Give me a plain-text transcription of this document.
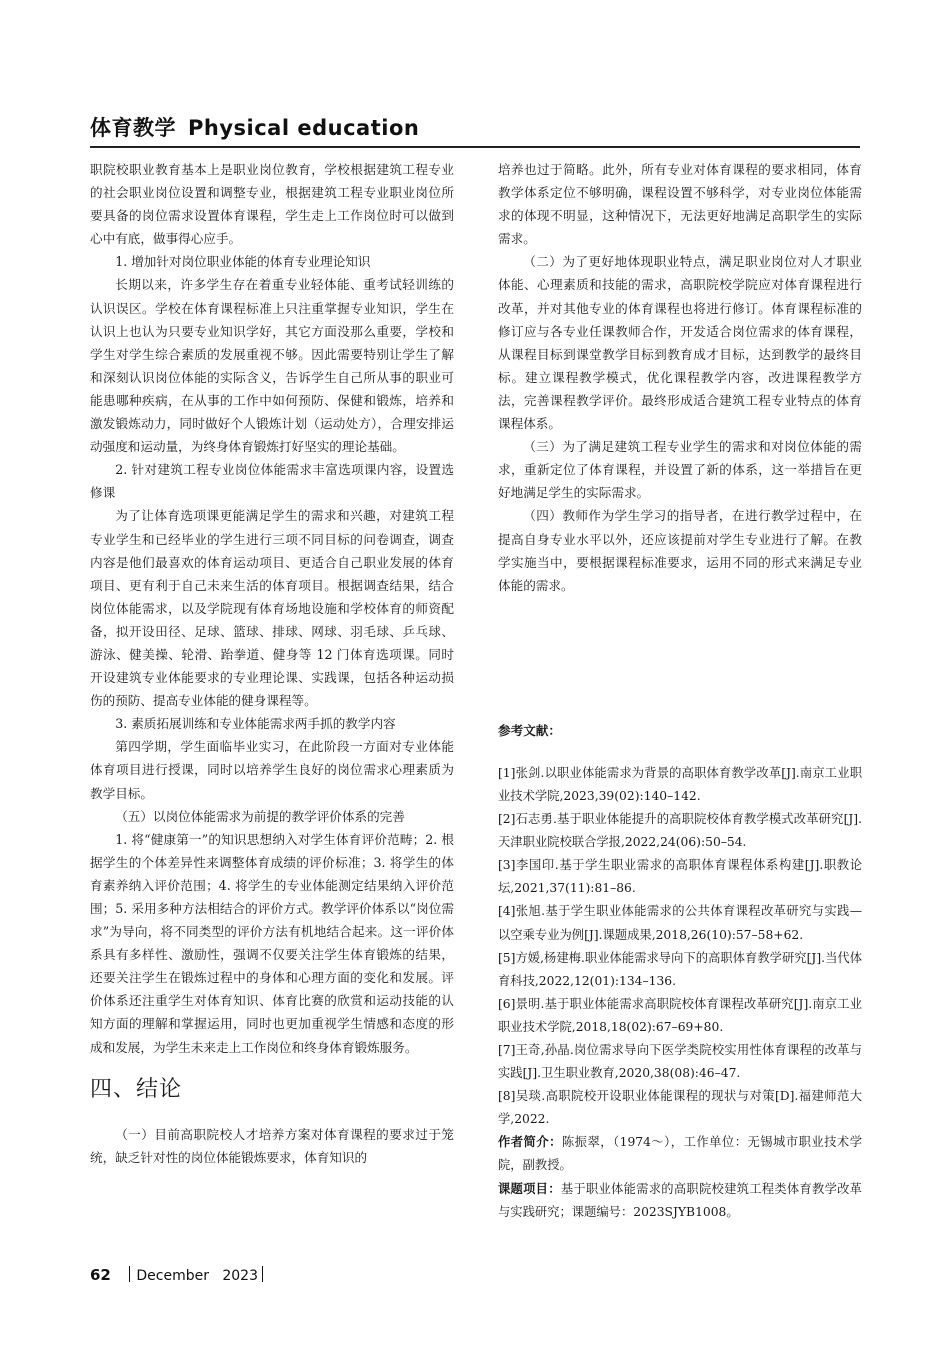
体育教学 Physical education

职院校职业教育基本上是职业岗位教育，学校根据建筑工程专业的社会职业岗位设置和调整专业，根据建筑工程专业职业岗位所要具备的岗位需求设置体育课程，学生走上工作岗位时可以做到心中有底，做事得心应手。

1. 增加针对岗位职业体能的体育专业理论知识

长期以来，许多学生存在着重专业轻体能、重考试轻训练的认识误区。学校在体育课程标准上只注重掌握专业知识，学生在认识上也认为只要专业知识学好，其它方面没那么重要，学校和学生对学生综合素质的发展重视不够。因此需要特别让学生了解和深刻认识岗位体能的实际含义，告诉学生自己所从事的职业可能患哪种疾病，在从事的工作中如何预防、保健和锻炼，培养和激发锻炼动力，同时做好个人锻炼计划（运动处方），合理安排运动强度和运动量，为终身体育锻炼打好坚实的理论基础。

2. 针对建筑工程专业岗位体能需求丰富选项课内容，设置选修课

为了让体育选项课更能满足学生的需求和兴趣，对建筑工程专业学生和已经毕业的学生进行三项不同目标的问卷调查，调查内容是他们最喜欢的体育运动项目、更适合自己职业发展的体育项目、更有利于自己未来生活的体育项目。根据调查结果，结合岗位体能需求，以及学院现有体育场地设施和学校体育的师资配备，拟开设田径、足球、篮球、排球、网球、羽毛球、乒乓球、游泳、健美操、轮滑、跆拳道、健身等 12 门体育选项课。同时开设建筑专业体能要求的专业理论课、实践课，包括各种运动损伤的预防、提高专业体能的健身课程等。

3. 素质拓展训练和专业体能需求两手抓的教学内容

第四学期，学生面临毕业实习，在此阶段一方面对专业体能体育项目进行授课，同时以培养学生良好的岗位需求心理素质为教学目标。

（五）以岗位体能需求为前提的教学评价体系的完善

1. 将“健康第一”的知识思想纳入对学生体育评价范畴；2. 根据学生的个体差异性来调整体育成绩的评价标准；3. 将学生的体育素养纳入评价范围；4. 将学生的专业体能测定结果纳入评价范围；5. 采用多种方法相结合的评价方式。教学评价体系以“岗位需求”为导向，将不同类型的评价方法有机地结合起来。这一评价体系具有多样性、激励性，强调不仅要关注学生体育锻炼的结果，还要关注学生在锻炼过程中的身体和心理方面的变化和发展。评价体系还注重学生对体育知识、体育比赛的欣赏和运动技能的认知方面的理解和掌握运用，同时也更加重视学生情感和态度的形成和发展，为学生未来走上工作岗位和终身体育锻炼服务。

四、结论

（一）目前高职院校人才培养方案对体育课程的要求过于笼统，缺乏针对性的岗位体能锻炼要求，体育知识的

培养也过于简略。此外，所有专业对体育课程的要求相同，体育教学体系定位不够明确，课程设置不够科学，对专业岗位体能需求的体现不明显，这种情况下，无法更好地满足高职学生的实际需求。

（二）为了更好地体现职业特点，满足职业岗位对人才职业体能、心理素质和技能的需求，高职院校学院应对体育课程进行改革，并对其他专业的体育课程也将进行修订。体育课程标准的修订应与各专业任课教师合作，开发适合岗位需求的体育课程，从课程目标到课堂教学目标到教育成才目标，达到教学的最终目标。建立课程教学模式，优化课程教学内容，改进课程教学方法，完善课程教学评价。最终形成适合建筑工程专业特点的体育课程体系。

（三）为了满足建筑工程专业学生的需求和对岗位体能的需求，重新定位了体育课程，并设置了新的体系，这一举措旨在更好地满足学生的实际需求。

（四）教师作为学生学习的指导者，在进行教学过程中，在提高自身专业水平以外，还应该提前对学生专业进行了解。在教学实施当中，要根据课程标准要求，运用不同的形式来满足专业体能的需求。

参考文献：

[1]张剑.以职业体能需求为背景的高职体育教学改革[J].南京工业职业技术学院,2023,39(02):140–142.

[2]石志勇.基于职业体能提升的高职院校体育教学模式改革研究[J].天津职业院校联合学报,2022,24(06):50–54.

[3]李国印.基于学生职业需求的高职体育课程体系构建[J].职教论坛,2021,37(11):81–86.

[4]张旭.基于学生职业体能需求的公共体育课程改革研究与实践—以空乘专业为例[J].课题成果,2018,26(10):57–58+62.

[5]方媛,杨建梅.职业体能需求导向下的高职体育教学研究[J].当代体育科技,2022,12(01):134–136.

[6]景明.基于职业体能需求高职院校体育课程改革研究[J].南京工业职业技术学院,2018,18(02):67–69+80.

[7]王奇,孙晶.岗位需求导向下医学类院校实用性体育课程的改革与实践[J].卫生职业教育,2020,38(08):46–47.

[8]吴琰.高职院校开设职业体能课程的现状与对策[D].福建师范大学,2022.

作者简介：陈振翠，（1974～），工作单位：无锡城市职业技术学院，副教授。

课题项目：基于职业体能需求的高职院校建筑工程类体育教学改革与实践研究；课题编号：2023SJYB1008。

62 December 2023
